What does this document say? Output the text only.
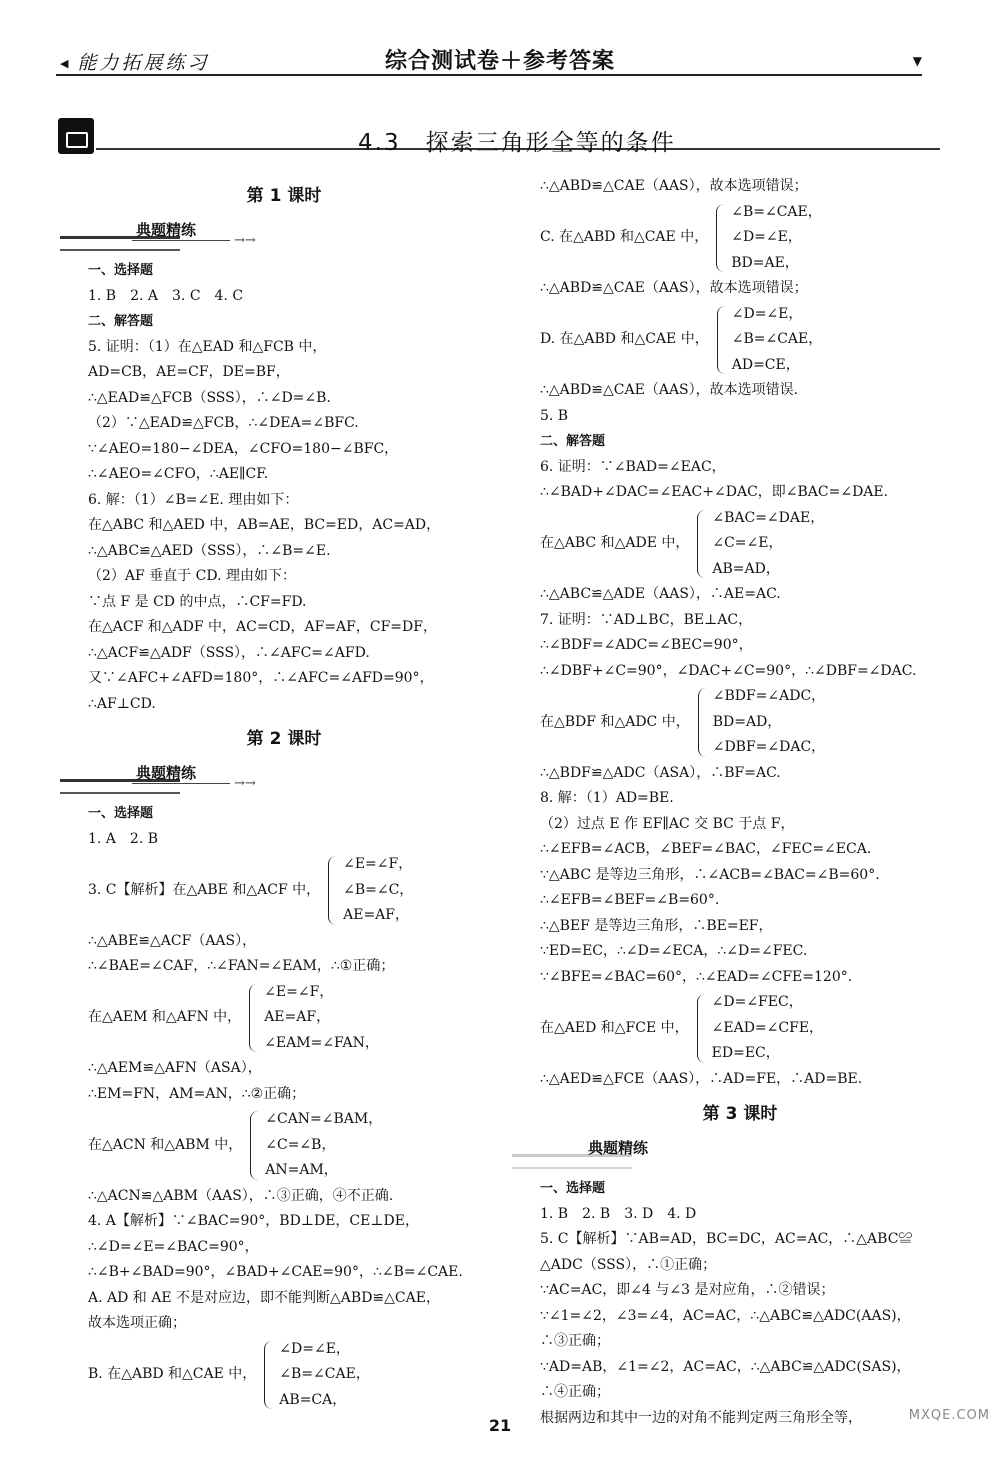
◀ 能力拓展练习	综合测试卷＋参考答案	▼
4.3　探索三角形全等的条件
第 1 课时
典题精练
→→
一、选择题
1. B　2. A　3. C　4. C
二、解答题
5. 证明：（1）在△EAD 和△FCB 中，
AD=CB，AE=CF，DE=BF，
∴△EAD≌△FCB（SSS），∴∠D=∠B.
（2）∵△EAD≌△FCB，∴∠DEA=∠BFC.
∵∠AEO=180−∠DEA，∠CFO=180−∠BFC，
∴∠AEO=∠CFO，∴AE∥CF.
6. 解：（1）∠B=∠E. 理由如下：
在△ABC 和△AED 中，AB=AE，BC=ED，AC=AD，
∴△ABC≌△AED（SSS），∴∠B=∠E.
（2）AF 垂直于 CD. 理由如下：
∵点 F 是 CD 的中点，∴CF=FD.
在△ACF 和△ADF 中，AC=CD，AF=AF，CF=DF，
∴△ACF≌△ADF（SSS），∴∠AFC=∠AFD.
又∵∠AFC+∠AFD=180°，∴∠AFC=∠AFD=90°，
∴AF⊥CD.
第 2 课时
典题精练
→→
一、选择题
1. A　2. B
3. C【解析】在△ABE 和△ACF 中，
∠E=∠F，
∠B=∠C，
AE=AF，
∴△ABE≌△ACF（AAS），
∴∠BAE=∠CAF，∴∠FAN=∠EAM，∴①正确；
在△AEM 和△AFN 中，
∠E=∠F，
AE=AF，
∠EAM=∠FAN，
∴△AEM≌△AFN（ASA），
∴EM=FN，AM=AN，∴②正确；
在△ACN 和△ABM 中，
∠CAN=∠BAM，
∠C=∠B，
AN=AM，
∴△ACN≌△ABM（AAS），∴③正确，④不正确.
4. A【解析】∵∠BAC=90°，BD⊥DE，CE⊥DE，
∴∠D=∠E=∠BAC=90°，
∴∠B+∠BAD=90°，∠BAD+∠CAE=90°，∴∠B=∠CAE.
A. AD 和 AE 不是对应边，即不能判断△ABD≌△CAE，
故本选项正确；
B. 在△ABD 和△CAE 中，
∠D=∠E，
∠B=∠CAE，
AB=CA，
∴△ABD≌△CAE（AAS），故本选项错误；
C. 在△ABD 和△CAE 中，
∠B=∠CAE，
∠D=∠E，
BD=AE，
∴△ABD≌△CAE（AAS），故本选项错误；
D. 在△ABD 和△CAE 中，
∠D=∠E，
∠B=∠CAE，
AD=CE，
∴△ABD≌△CAE（AAS），故本选项错误.
5. B
二、解答题
6. 证明：∵∠BAD=∠EAC，
∴∠BAD+∠DAC=∠EAC+∠DAC，即∠BAC=∠DAE.
在△ABC 和△ADE 中，
∠BAC=∠DAE，
∠C=∠E，
AB=AD，
∴△ABC≌△ADE（AAS），∴AE=AC.
7. 证明：∵AD⊥BC，BE⊥AC，
∴∠BDF=∠ADC=∠BEC=90°，
∴∠DBF+∠C=90°，∠DAC+∠C=90°，∴∠DBF=∠DAC.
在△BDF 和△ADC 中，
∠BDF=∠ADC，
BD=AD，
∠DBF=∠DAC，
∴△BDF≌△ADC（ASA），∴BF=AC.
8. 解：（1）AD=BE.
（2）过点 E 作 EF∥AC 交 BC 于点 F，
∴∠EFB=∠ACB，∠BEF=∠BAC，∠FEC=∠ECA.
∵△ABC 是等边三角形，∴∠ACB=∠BAC=∠B=60°.
∴∠EFB=∠BEF=∠B=60°.
∴△BEF 是等边三角形，∴BE=EF，
∵ED=EC，∴∠D=∠ECA，∴∠D=∠FEC.
∵∠BFE=∠BAC=60°，∴∠EAD=∠CFE=120°.
在△AED 和△FCE 中，
∠D=∠FEC，
∠EAD=∠CFE，
ED=EC，
∴△AED≌△FCE（AAS），∴AD=FE，∴AD=BE.
第 3 课时
典题精练
一、选择题
1. B　2. B　3. D　4. D
5. C【解析】∵AB=AD，BC=DC，AC=AC，∴△ABC≌
△ADC（SSS），∴①正确；
∵AC=AC，即∠4 与∠3 是对应角，∴②错误；
∵∠1=∠2，∠3=∠4，AC=AC，∴△ABC≌△ADC(AAS)，
∴③正确；
∵AD=AB，∠1=∠2，AC=AC，∴△ABC≌△ADC(SAS)，
∴④正确；
根据两边和其中一边的对角不能判定两三角形全等，
21
MXQE.COM
